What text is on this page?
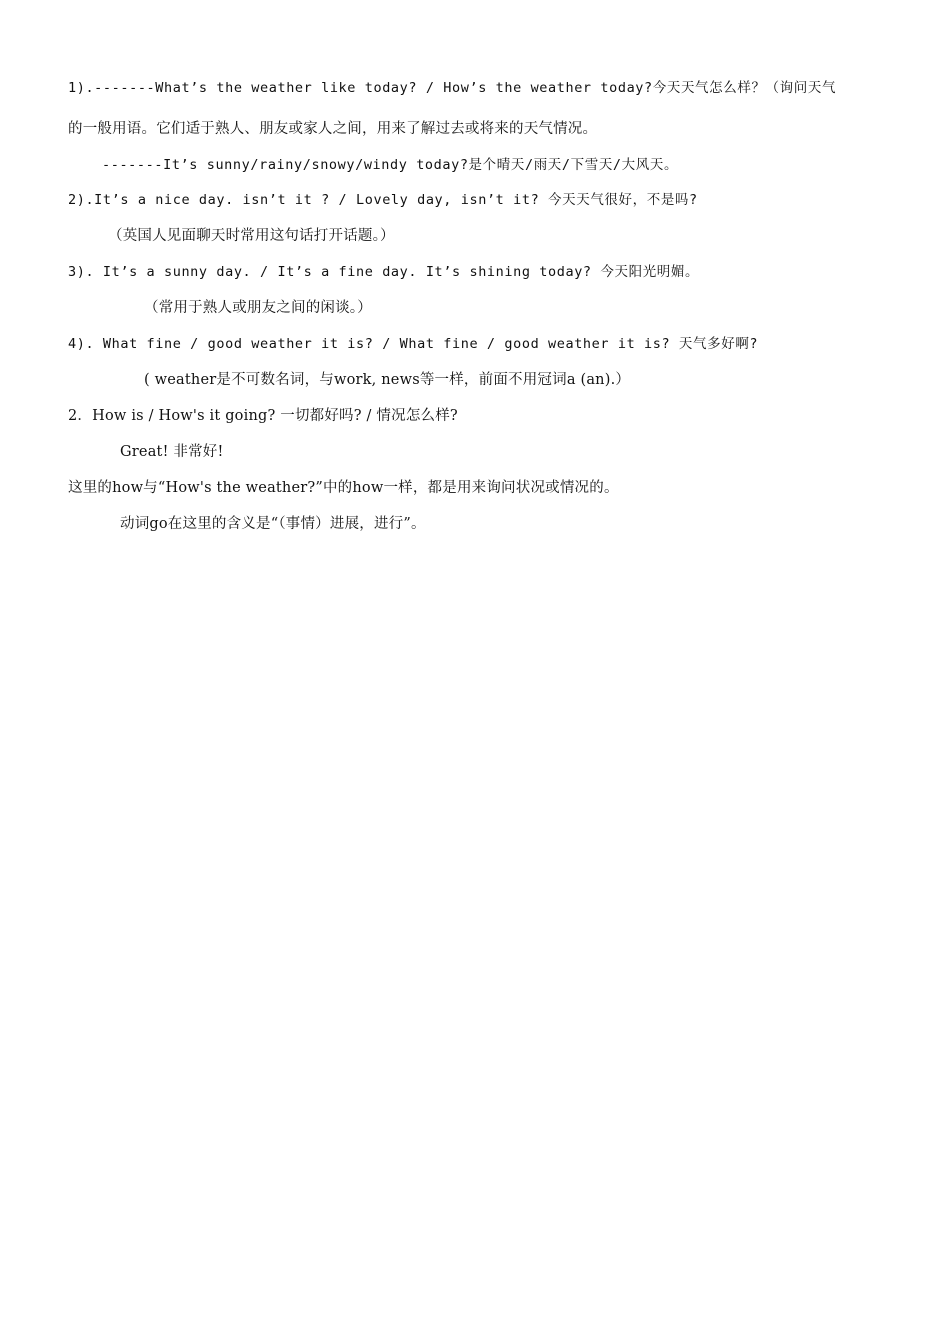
1).-------What’s the weather like today? / How’s the weather today?今天天气怎么样？（询问天气
的一般用语。它们适于熟人、朋友或家人之间，用来了解过去或将来的天气情况。
-------It’s sunny/rainy/snowy/windy today?是个晴天/雨天/下雪天/大风天。
2).It’s a nice day. isn’t it ? / Lovely day, isn’t it? 今天天气很好，不是吗?
（英国人见面聊天时常用这句话打开话题。）
3). It’s a sunny day. / It’s a fine day. It’s shining today? 今天阳光明媚。
（常用于熟人或朋友之间的闲谈。）
4). What fine / good weather it is? / What fine / good weather it is? 天气多好啊?
( weather是不可数名词，与work, news等一样，前面不用冠词a (an).）
2．How is / How's it going? 一切都好吗? / 情况怎么样?
Great! 非常好!
这里的how与“How's the weather?”中的how一样，都是用来询问状况或情况的。
动词go在这里的含义是“（事情）进展，进行”。
